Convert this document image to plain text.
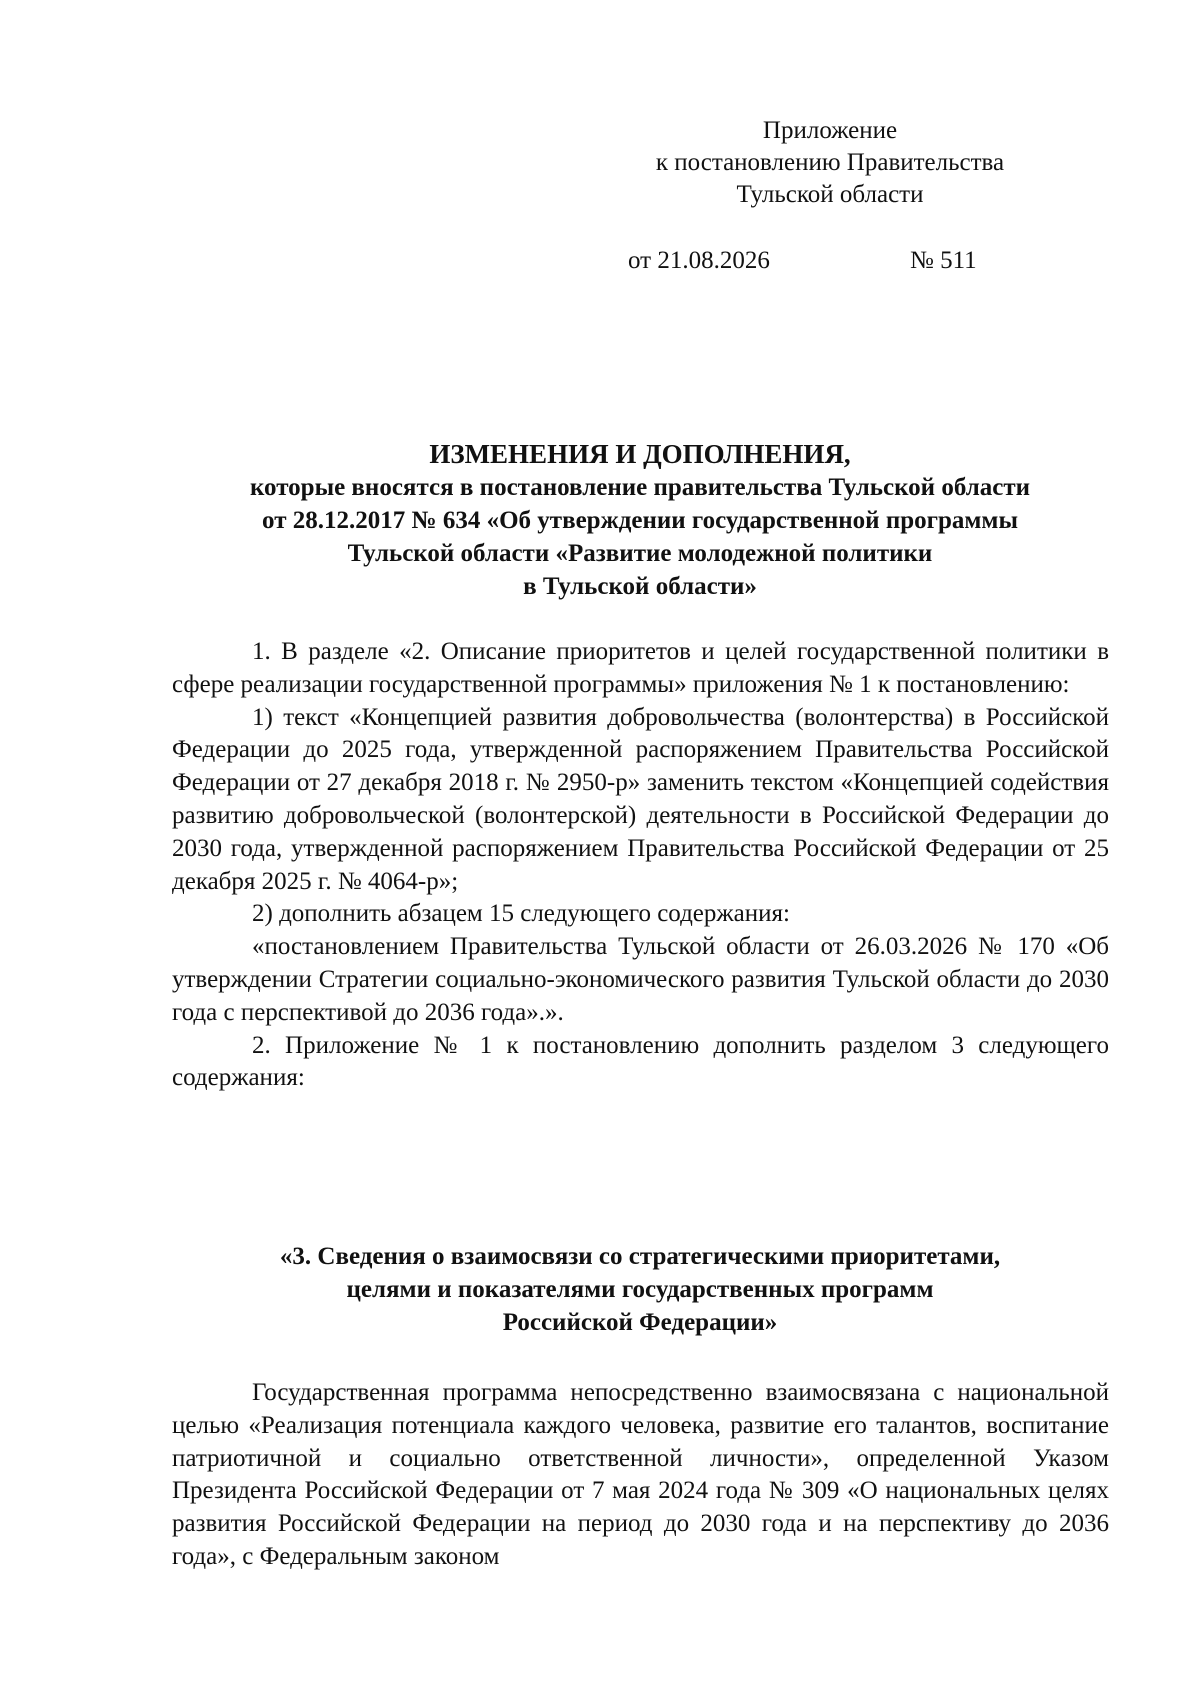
Приложение
к постановлению Правительства
Тульской области
от 21.08.2026	№ 511
ИЗМЕНЕНИЯ И ДОПОЛНЕНИЯ,
которые вносятся в постановление правительства Тульской области
от 28.12.2017 № 634 «Об утверждении государственной программы
Тульской области «Развитие молодежной политики
в Тульской области»

1. В разделе «2. Описание приоритетов и целей государственной политики в сфере реализации государственной программы» приложения № 1 к постановлению:

1) текст «Концепцией развития добровольчества (волонтерства) в Российской Федерации до 2025 года, утвержденной распоряжением Правительства Российской Федерации от 27 декабря 2018 г. № 2950-р» заменить текстом «Концепцией содействия развитию добровольческой (волонтерской) деятельности в Российской Федерации до 2030 года, утвержденной распоряжением Правительства Российской Федерации от 25 декабря 2025 г. № 4064-р»;

2) дополнить абзацем 15 следующего содержания:

«постановлением Правительства Тульской области от 26.03.2026 № 170 «Об утверждении Стратегии социально-экономического развития Тульской области до 2030 года с перспективой до 2036 года».».

2. Приложение № 1 к постановлению дополнить разделом 3 следующего содержания:

«3. Сведения о взаимосвязи со стратегическими приоритетами,
целями и показателями государственных программ
Российской Федерации»

Государственная программа непосредственно взаимосвязана с национальной целью «Реализация потенциала каждого человека, развитие его талантов, воспитание патриотичной и социально ответственной личности», определенной Указом Президента Российской Федерации от 7 мая 2024 года № 309 «О национальных целях развития Российской Федерации на период до 2030 года и на перспективу до 2036 года», с Федеральным законом
